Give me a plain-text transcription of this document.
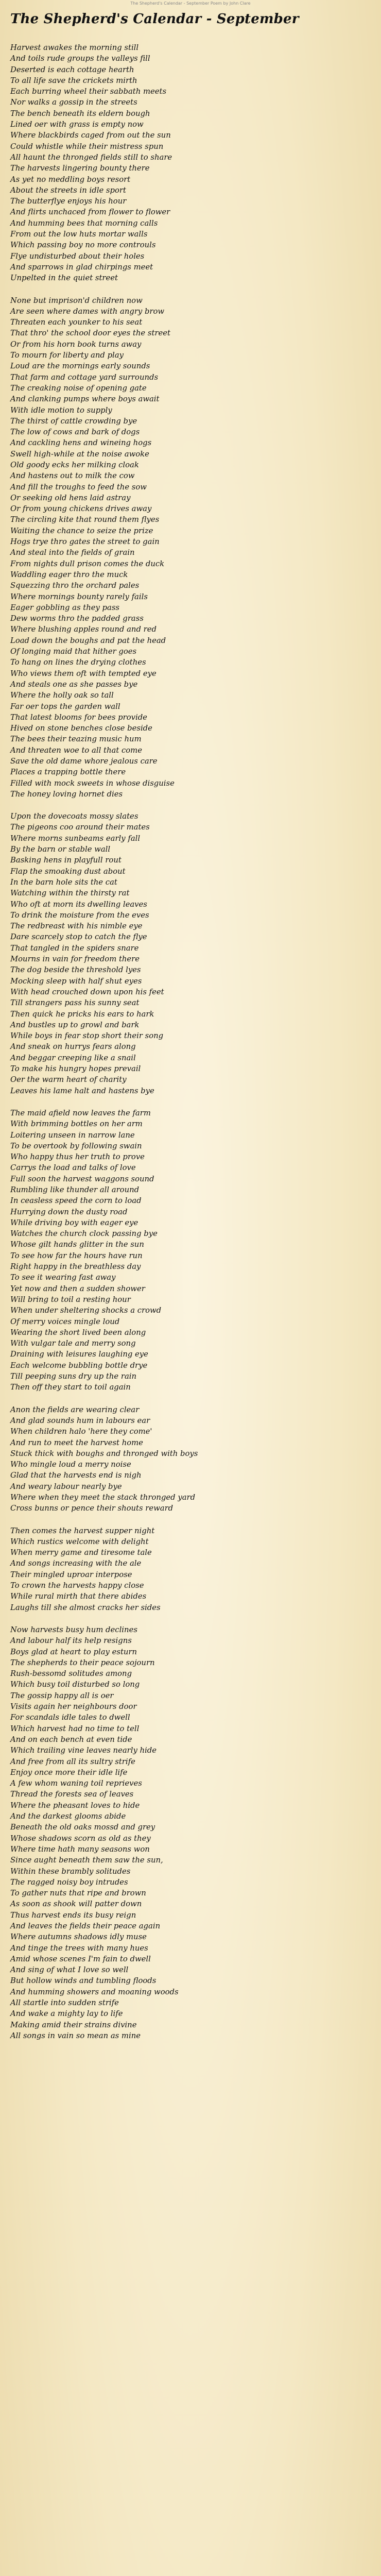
The Shepherd's Calendar - September Poem by John Clare
The Shepherd's Calendar - September
Harvest awakes the morning still
And toils rude groups the valleys fill
Deserted is each cottage hearth
To all life save the crickets mirth
Each burring wheel their sabbath meets
Nor walks a gossip in the streets
The bench beneath its eldern bough
Lined oer with grass is empty now
Where blackbirds caged from out the sun
Could whistle while their mistress spun
All haunt the thronged fields still to share
The harvests lingering bounty there
As yet no meddling boys resort
About the streets in idle sport
The butterflye enjoys his hour
And flirts unchaced from flower to flower
And humming bees that morning calls
From out the low huts mortar walls
Which passing boy no more controuls
Flye undisturbed about their holes
And sparrows in glad chirpings meet
Unpelted in the quiet street
None but imprison'd children now
Are seen where dames with angry brow
Threaten each younker to his seat
That thro' the school door eyes the street
Or from his horn book turns away
To mourn for liberty and play
Loud are the mornings early sounds
That farm and cottage yard surrounds
The creaking noise of opening gate
And clanking pumps where boys await
With idle motion to supply
The thirst of cattle crowding bye
The low of cows and bark of dogs
And cackling hens and wineing hogs
Swell high-while at the noise awoke
Old goody ecks her milking cloak
And hastens out to milk the cow
And fill the troughs to feed the sow
Or seeking old hens laid astray
Or from young chickens drives away
The circling kite that round them flyes
Waiting the chance to seize the prize
Hogs trye thro gates the street to gain
And steal into the fields of grain
From nights dull prison comes the duck
Waddling eager thro the muck
Squezzing thro the orchard pales
Where mornings bounty rarely fails
Eager gobbling as they pass
Dew worms thro the padded grass
Where blushing apples round and red
Load down the boughs and pat the head
Of longing maid that hither goes
To hang on lines the drying clothes
Who views them oft with tempted eye
And steals one as she passes bye
Where the holly oak so tall
Far oer tops the garden wall
That latest blooms for bees provide
Hived on stone benches close beside
The bees their teazing music hum
And threaten woe to all that come
Save the old dame whore jealous care
Places a trapping bottle there
Filled with mock sweets in whose disguise
The honey loving hornet dies
Upon the dovecoats mossy slates
The pigeons coo around their mates
Where morns sunbeams early fall
By the barn or stable wall
Basking hens in playfull rout
Flap the smoaking dust about
In the barn hole sits the cat
Watching within the thirsty rat
Who oft at morn its dwelling leaves
To drink the moisture from the eves
The redbreast with his nimble eye
Dare scarcely stop to catch the flye
That tangled in the spiders snare
Mourns in vain for freedom there
The dog beside the threshold lyes
Mocking sleep with half shut eyes
With head crouched down upon his feet
Till strangers pass his sunny seat
Then quick he pricks his ears to hark
And bustles up to growl and bark
While boys in fear stop short their song
And sneak on hurrys fears along
And beggar creeping like a snail
To make his hungry hopes prevail
Oer the warm heart of charity
Leaves his lame halt and hastens bye
The maid afield now leaves the farm
With brimming bottles on her arm
Loitering unseen in narrow lane
To be overtook by following swain
Who happy thus her truth to prove
Carrys the load and talks of love
Full soon the harvest waggons sound
Rumbling like thunder all around
In ceasless speed the corn to load
Hurrying down the dusty road
While driving boy with eager eye
Watches the church clock passing bye
Whose gilt hands glitter in the sun
To see how far the hours have run
Right happy in the breathless day
To see it wearing fast away
Yet now and then a sudden shower
Will bring to toil a resting hour
When under sheltering shocks a crowd
Of merry voices mingle loud
Wearing the short lived been along
With vulgar tale and merry song
Draining with leisures laughing eye
Each welcome bubbling bottle drye
Till peeping suns dry up the rain
Then off they start to toil again
Anon the fields are wearing clear
And glad sounds hum in labours ear
When children halo 'here they come'
And run to meet the harvest home
Stuck thick with boughs and thronged with boys
Who mingle loud a merry noise
Glad that the harvests end is nigh
And weary labour nearly bye
Where when they meet the stack thronged yard
Cross bunns or pence their shouts reward
Then comes the harvest supper night
Which rustics welcome with delight
When merry game and tiresome tale
And songs increasing with the ale
Their mingled uproar interpose
To crown the harvests happy close
While rural mirth that there abides
Laughs till she almost cracks her sides
Now harvests busy hum declines
And labour half its help resigns
Boys glad at heart to play esturn
The shepherds to their peace sojourn
Rush-bessomd solitudes among
Which busy toil disturbed so long
The gossip happy all is oer
Visits again her neighbours door
For scandals idle tales to dwell
Which harvest had no time to tell
And on each bench at even tide
Which trailing vine leaves nearly hide
And free from all its sultry strife
Enjoy once more their idle life
A few whom waning toil reprieves
Thread the forests sea of leaves
Where the pheasant loves to hide
And the darkest glooms abide
Beneath the old oaks mossd and grey
Whose shadows scorn as old as they
Where time hath many seasons won
Since aught beneath them saw the sun,
Within these brambly solitudes
The ragged noisy boy intrudes
To gather nuts that ripe and brown
As soon as shook will patter down
Thus harvest ends its busy reign
And leaves the fields their peace again
Where autumns shadows idly muse
And tinge the trees with many hues
Amid whose scenes I'm fain to dwell
And sing of what I love so well
But hollow winds and tumbling floods
And humming showers and moaning woods
All startle into sudden strife
And wake a mighty lay to life
Making amid their strains divine
All songs in vain so mean as mine
